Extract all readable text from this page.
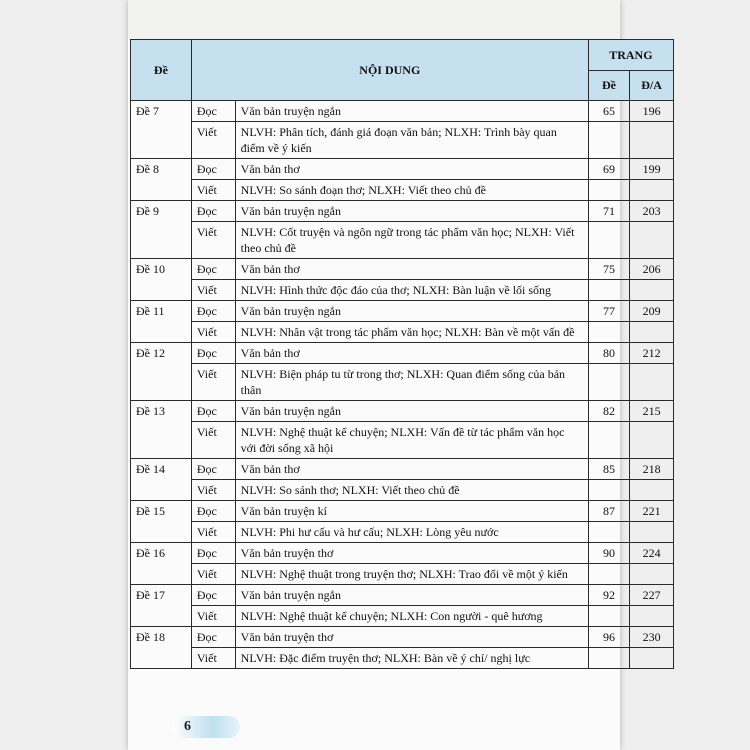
Đề	NỘI DUNG		TRANG	
			Đề	Đ/A
Đề 7	Đọc	Văn bản truyện ngắn	65	196
	Viết	NLVH: Phân tích, đánh giá đoạn văn bản; NLXH: Trình bày quan điểm về ý kiến		
Đề 8	Đọc	Văn bản thơ	69	199
	Viết	NLVH: So sánh đoạn thơ; NLXH: Viết theo chủ đề		
Đề 9	Đọc	Văn bản truyện ngắn	71	203
	Viết	NLVH: Cốt truyện và ngôn ngữ trong tác phẩm văn học; NLXH: Viết theo chủ đề		
Đề 10	Đọc	Văn bản thơ	75	206
	Viết	NLVH: Hình thức độc đáo của thơ; NLXH: Bàn luận về lối sống		
Đề 11	Đọc	Văn bản truyện ngắn	77	209
	Viết	NLVH: Nhân vật trong tác phẩm văn học; NLXH: Bàn về một vấn đề		
Đề 12	Đọc	Văn bản thơ	80	212
	Viết	NLVH: Biện pháp tu từ trong thơ; NLXH: Quan điểm sống của bản thân		
Đề 13	Đọc	Văn bản truyện ngắn	82	215
	Viết	NLVH: Nghệ thuật kể chuyện; NLXH: Vấn đề từ tác phẩm văn học với đời sống xã hội		
Đề 14	Đọc	Văn bản thơ	85	218
	Viết	NLVH: So sánh thơ; NLXH: Viết theo chủ đề		
Đề 15	Đọc	Văn bản truyện kí	87	221
	Viết	NLVH: Phi hư cấu và hư cấu; NLXH: Lòng yêu nước		
Đề 16	Đọc	Văn bản truyện thơ	90	224
	Viết	NLVH: Nghệ thuật trong truyện thơ; NLXH: Trao đổi về một ý kiến		
Đề 17	Đọc	Văn bản truyện ngắn	92	227
	Viết	NLVH: Nghệ thuật kể chuyện; NLXH: Con người - quê hương		
Đề 18	Đọc	Văn bản truyện thơ	96	230
	Viết	NLVH: Đặc điểm truyện thơ; NLXH: Bàn về ý chí/ nghị lực		
6
